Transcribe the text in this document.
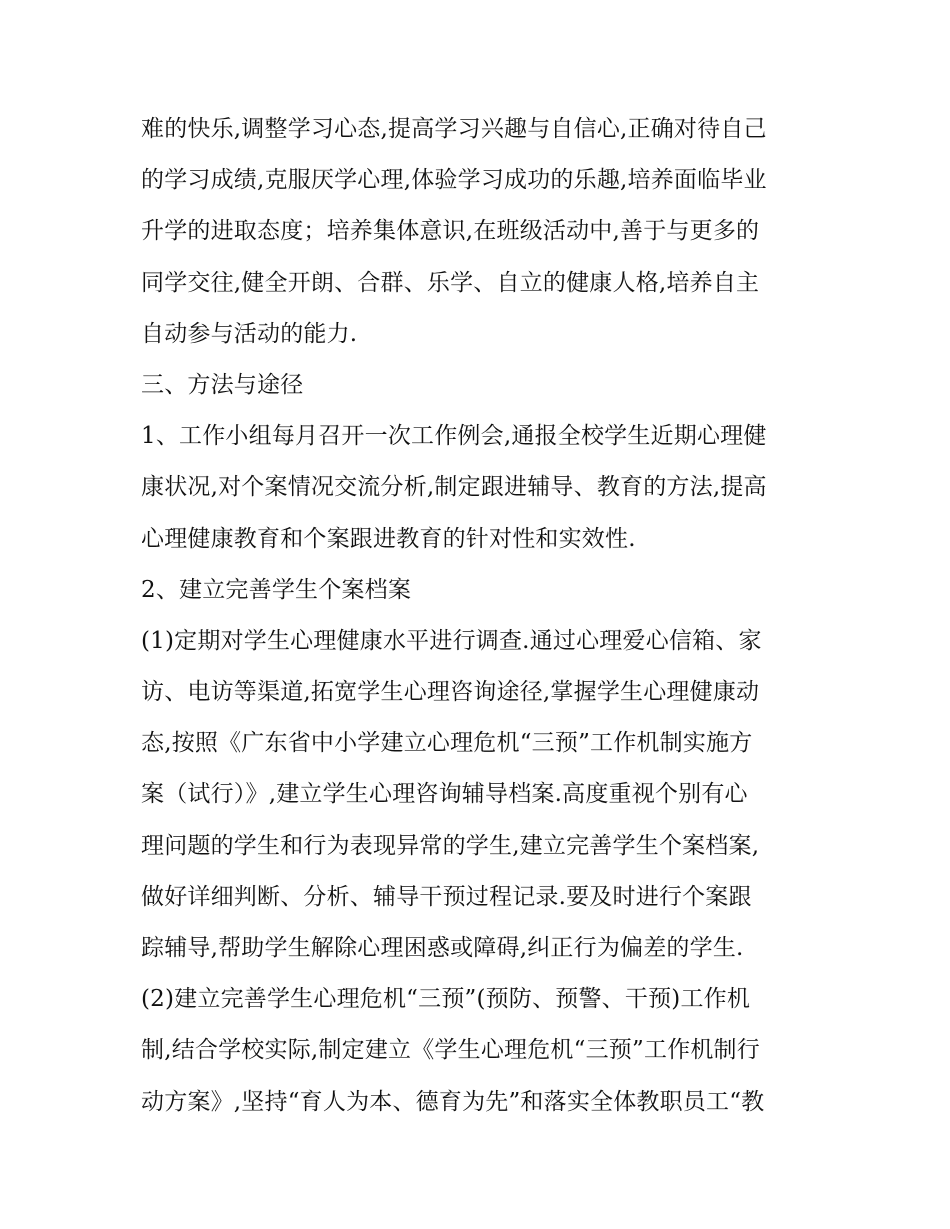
难的快乐,调整学习心态,提高学习兴趣与自信心,正确对待自己
的学习成绩,克服厌学心理,体验学习成功的乐趣,培养面临毕业
升学的进取态度；培养集体意识,在班级活动中,善于与更多的
同学交往,健全开朗、合群、乐学、自立的健康人格,培养自主
自动参与活动的能力.
三、方法与途径
1、工作小组每月召开一次工作例会,通报全校学生近期心理健
康状况,对个案情况交流分析,制定跟进辅导、教育的方法,提高
心理健康教育和个案跟进教育的针对性和实效性.
2、建立完善学生个案档案
(1)定期对学生心理健康水平进行调查.通过心理爱心信箱、家
访、电访等渠道,拓宽学生心理咨询途径,掌握学生心理健康动
态,按照《广东省中小学建立心理危机“三预”工作机制实施方
案（试行）》,建立学生心理咨询辅导档案.高度重视个别有心
理问题的学生和行为表现异常的学生,建立完善学生个案档案,
做好详细判断、分析、辅导干预过程记录.要及时进行个案跟
踪辅导,帮助学生解除心理困惑或障碍,纠正行为偏差的学生.
(2)建立完善学生心理危机“三预”(预防、预警、干预)工作机
制,结合学校实际,制定建立《学生心理危机“三预”工作机制行
动方案》,坚持“育人为本、德育为先”和落实全体教职员工“教
